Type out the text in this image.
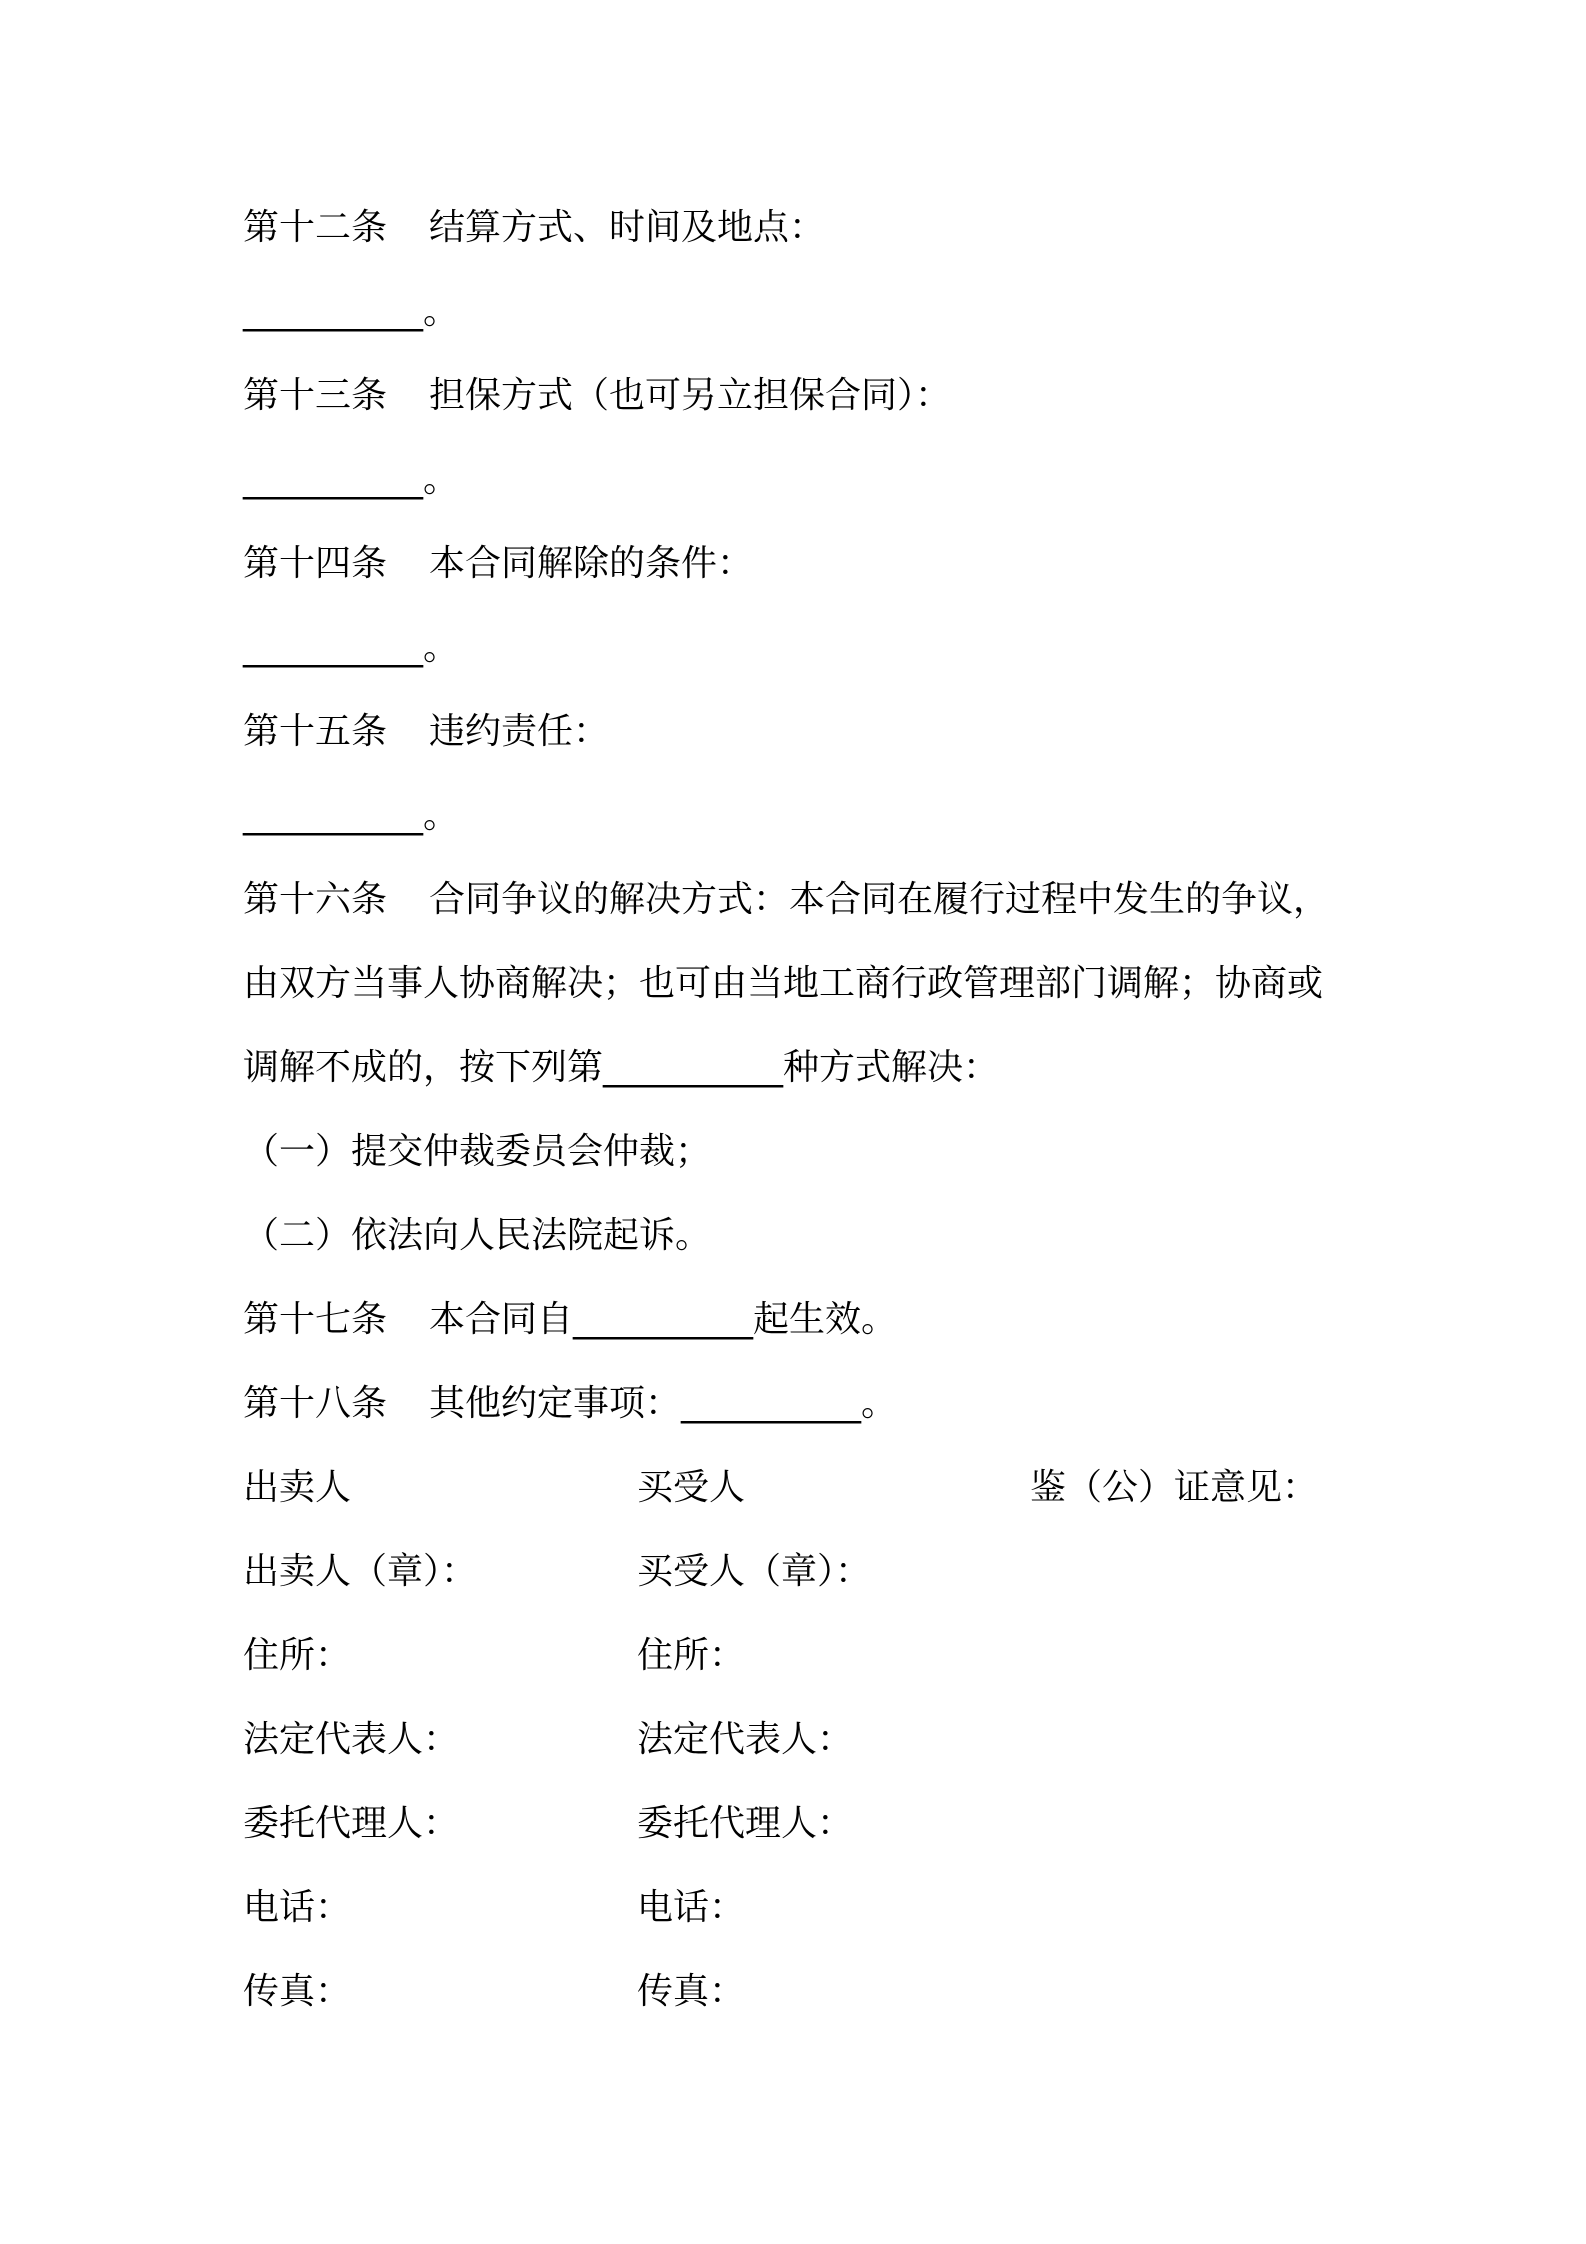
第十二条 结算方式、时间及地点：
__________。
第十三条 担保方式（也可另立担保合同）：
__________。
第十四条 本合同解除的条件：
__________。
第十五条 违约责任：
__________。
第十六条 合同争议的解决方式：本合同在履行过程中发生的争议，
由双方当事人协商解决；也可由当地工商行政管理部门调解；协商或
调解不成的，按下列第__________种方式解决：
（一）提交仲裁委员会仲裁；
（二）依法向人民法院起诉。
第十七条 本合同自__________起生效。
第十八条 其他约定事项：__________。
出卖人	买受人	鉴（公）证意见：
出卖人（章）：	买受人（章）：
住所：	住所：
法定代表人：	法定代表人：
委托代理人：	委托代理人：
电话：	电话：
传真：	传真：
